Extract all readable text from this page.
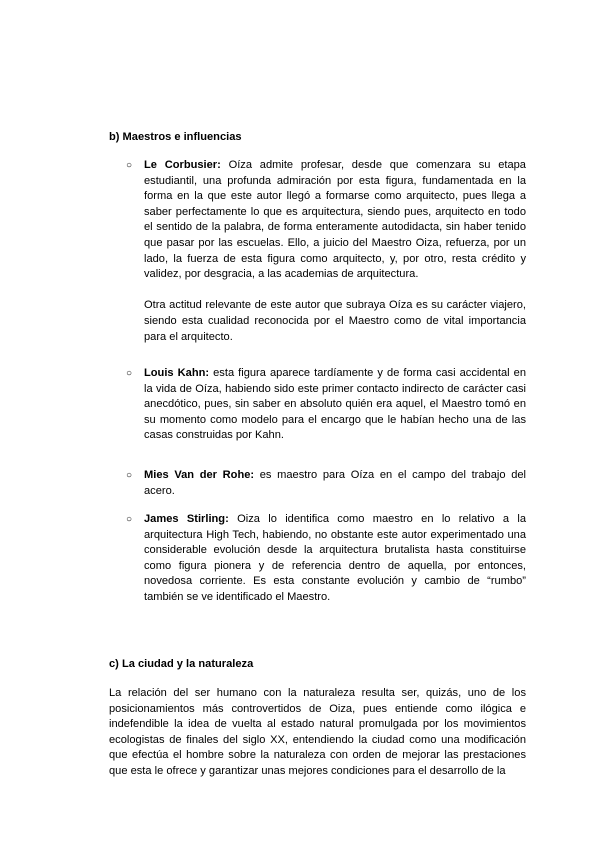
b) Maestros e influencias
○ Le Corbusier: Oíza admite profesar, desde que comenzara su etapa estudiantil, una profunda admiración por esta figura, fundamentada en la forma en la que este autor llegó a formarse como arquitecto, pues llega a saber perfectamente lo que es arquitectura, siendo pues, arquitecto en todo el sentido de la palabra, de forma enteramente autodidacta, sin haber tenido que pasar por las escuelas. Ello, a juicio del Maestro Oiza, refuerza, por un lado, la fuerza de esta figura como arquitecto, y, por otro, resta crédito y validez, por desgracia, a las academias de arquitectura.

Otra actitud relevante de este autor que subraya Oíza es su carácter viajero, siendo esta cualidad reconocida por el Maestro como de vital importancia para el arquitecto.

○ Louis Kahn: esta figura aparece tardíamente y de forma casi accidental en la vida de Oíza, habiendo sido este primer contacto indirecto de carácter casi anecdótico, pues, sin saber en absoluto quién era aquel, el Maestro tomó en su momento como modelo para el encargo que le habían hecho una de las casas construidas por Kahn.

○ Mies Van der Rohe: es maestro para Oíza en el campo del trabajo del acero.

○ James Stirling: Oiza lo identifica como maestro en lo relativo a la arquitectura High Tech, habiendo, no obstante este autor experimentado una considerable evolución desde la arquitectura brutalista hasta constituirse como figura pionera y de referencia dentro de aquella, por entonces, novedosa corriente. Es esta constante evolución y cambio de “rumbo” también se ve identificado el Maestro.

c) La ciudad y la naturaleza

La relación del ser humano con la naturaleza resulta ser, quizás, uno de los posicionamientos más controvertidos de Oiza, pues entiende como ilógica e indefendible la idea de vuelta al estado natural promulgada por los movimientos ecologistas de finales del siglo XX, entendiendo la ciudad como una modificación que efectúa el hombre sobre la naturaleza con orden de mejorar las prestaciones que esta le ofrece y garantizar unas mejores condiciones para el desarrollo de la
